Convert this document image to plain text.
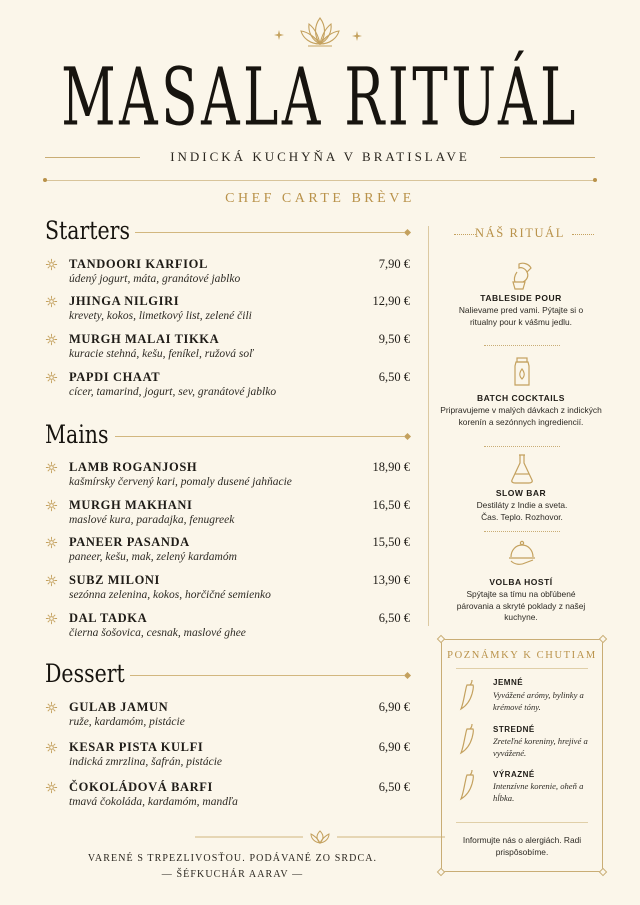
MASALA RITUÁL
INDICKÁ KUCHYŇA V BRATISLAVE
CHEF CARTE BRÈVE
Starters
TANDOORI KARFIOL
údený jogurt, máta, granátové jablko
7,90 €
JHINGA NILGIRI
krevety, kokos, limetkový list, zelené čili
12,90 €
MURGH MALAI TIKKA
kuracie stehná, kešu, feníkel, ružová soľ
9,50 €
PAPDI CHAAT
cícer, tamarind, jogurt, sev, granátové jablko
6,50 €
Mains
LAMB ROGANJOSH
kašmírsky červený kari, pomaly dusené jahňacie
18,90 €
MURGH MAKHANI
maslové kura, paradajka, fenugreek
16,50 €
PANEER PASANDA
paneer, kešu, mak, zelený kardamóm
15,50 €
SUBZ MILONI
sezónna zelenina, kokos, horčičné semienko
13,90 €
DAL TADKA
čierna šošovica, cesnak, maslové ghee
6,50 €
Dessert
GULAB JAMUN
ruže, kardamóm, pistácie
6,90 €
KESAR PISTA KULFI
indická zmrzlina, šafrán, pistácie
6,90 €
ČOKOLÁDOVÁ BARFI
tmavá čokoláda, kardamóm, mandľa
6,50 €
VARENÉ S TRPEZLIVOSŤOU. PODÁVANÉ ZO SRDCA.
— ŠÉFKUCHÁR AARAV —
NÁŠ RITUÁL
TABLESIDE POUR
Nalievame pred vami. Pýtajte si o ritualny pour k vášmu jedlu.
BATCH COCKTAILS
Pripravujeme v malých dávkach z indických korenín a sezónnych ingrediencií.
SLOW BAR
Destiláty z Indie a sveta. Čas. Teplo. Rozhovor.
VOLBA HOSTÍ
Spýtajte sa tímu na obľúbené párovania a skryté poklady z našej kuchyne.
POZNÁMKY K CHUTIAM
JEMNÉ
Vyvážené arómy, bylinky a krémové tóny.
STREDNÉ
Zreteľné koreniny, hrejivé a vyvážené.
VÝRAZNÉ
Intenzívne korenie, oheň a hĺbka.
Informujte nás o alergiách. Radi prispôsobíme.
